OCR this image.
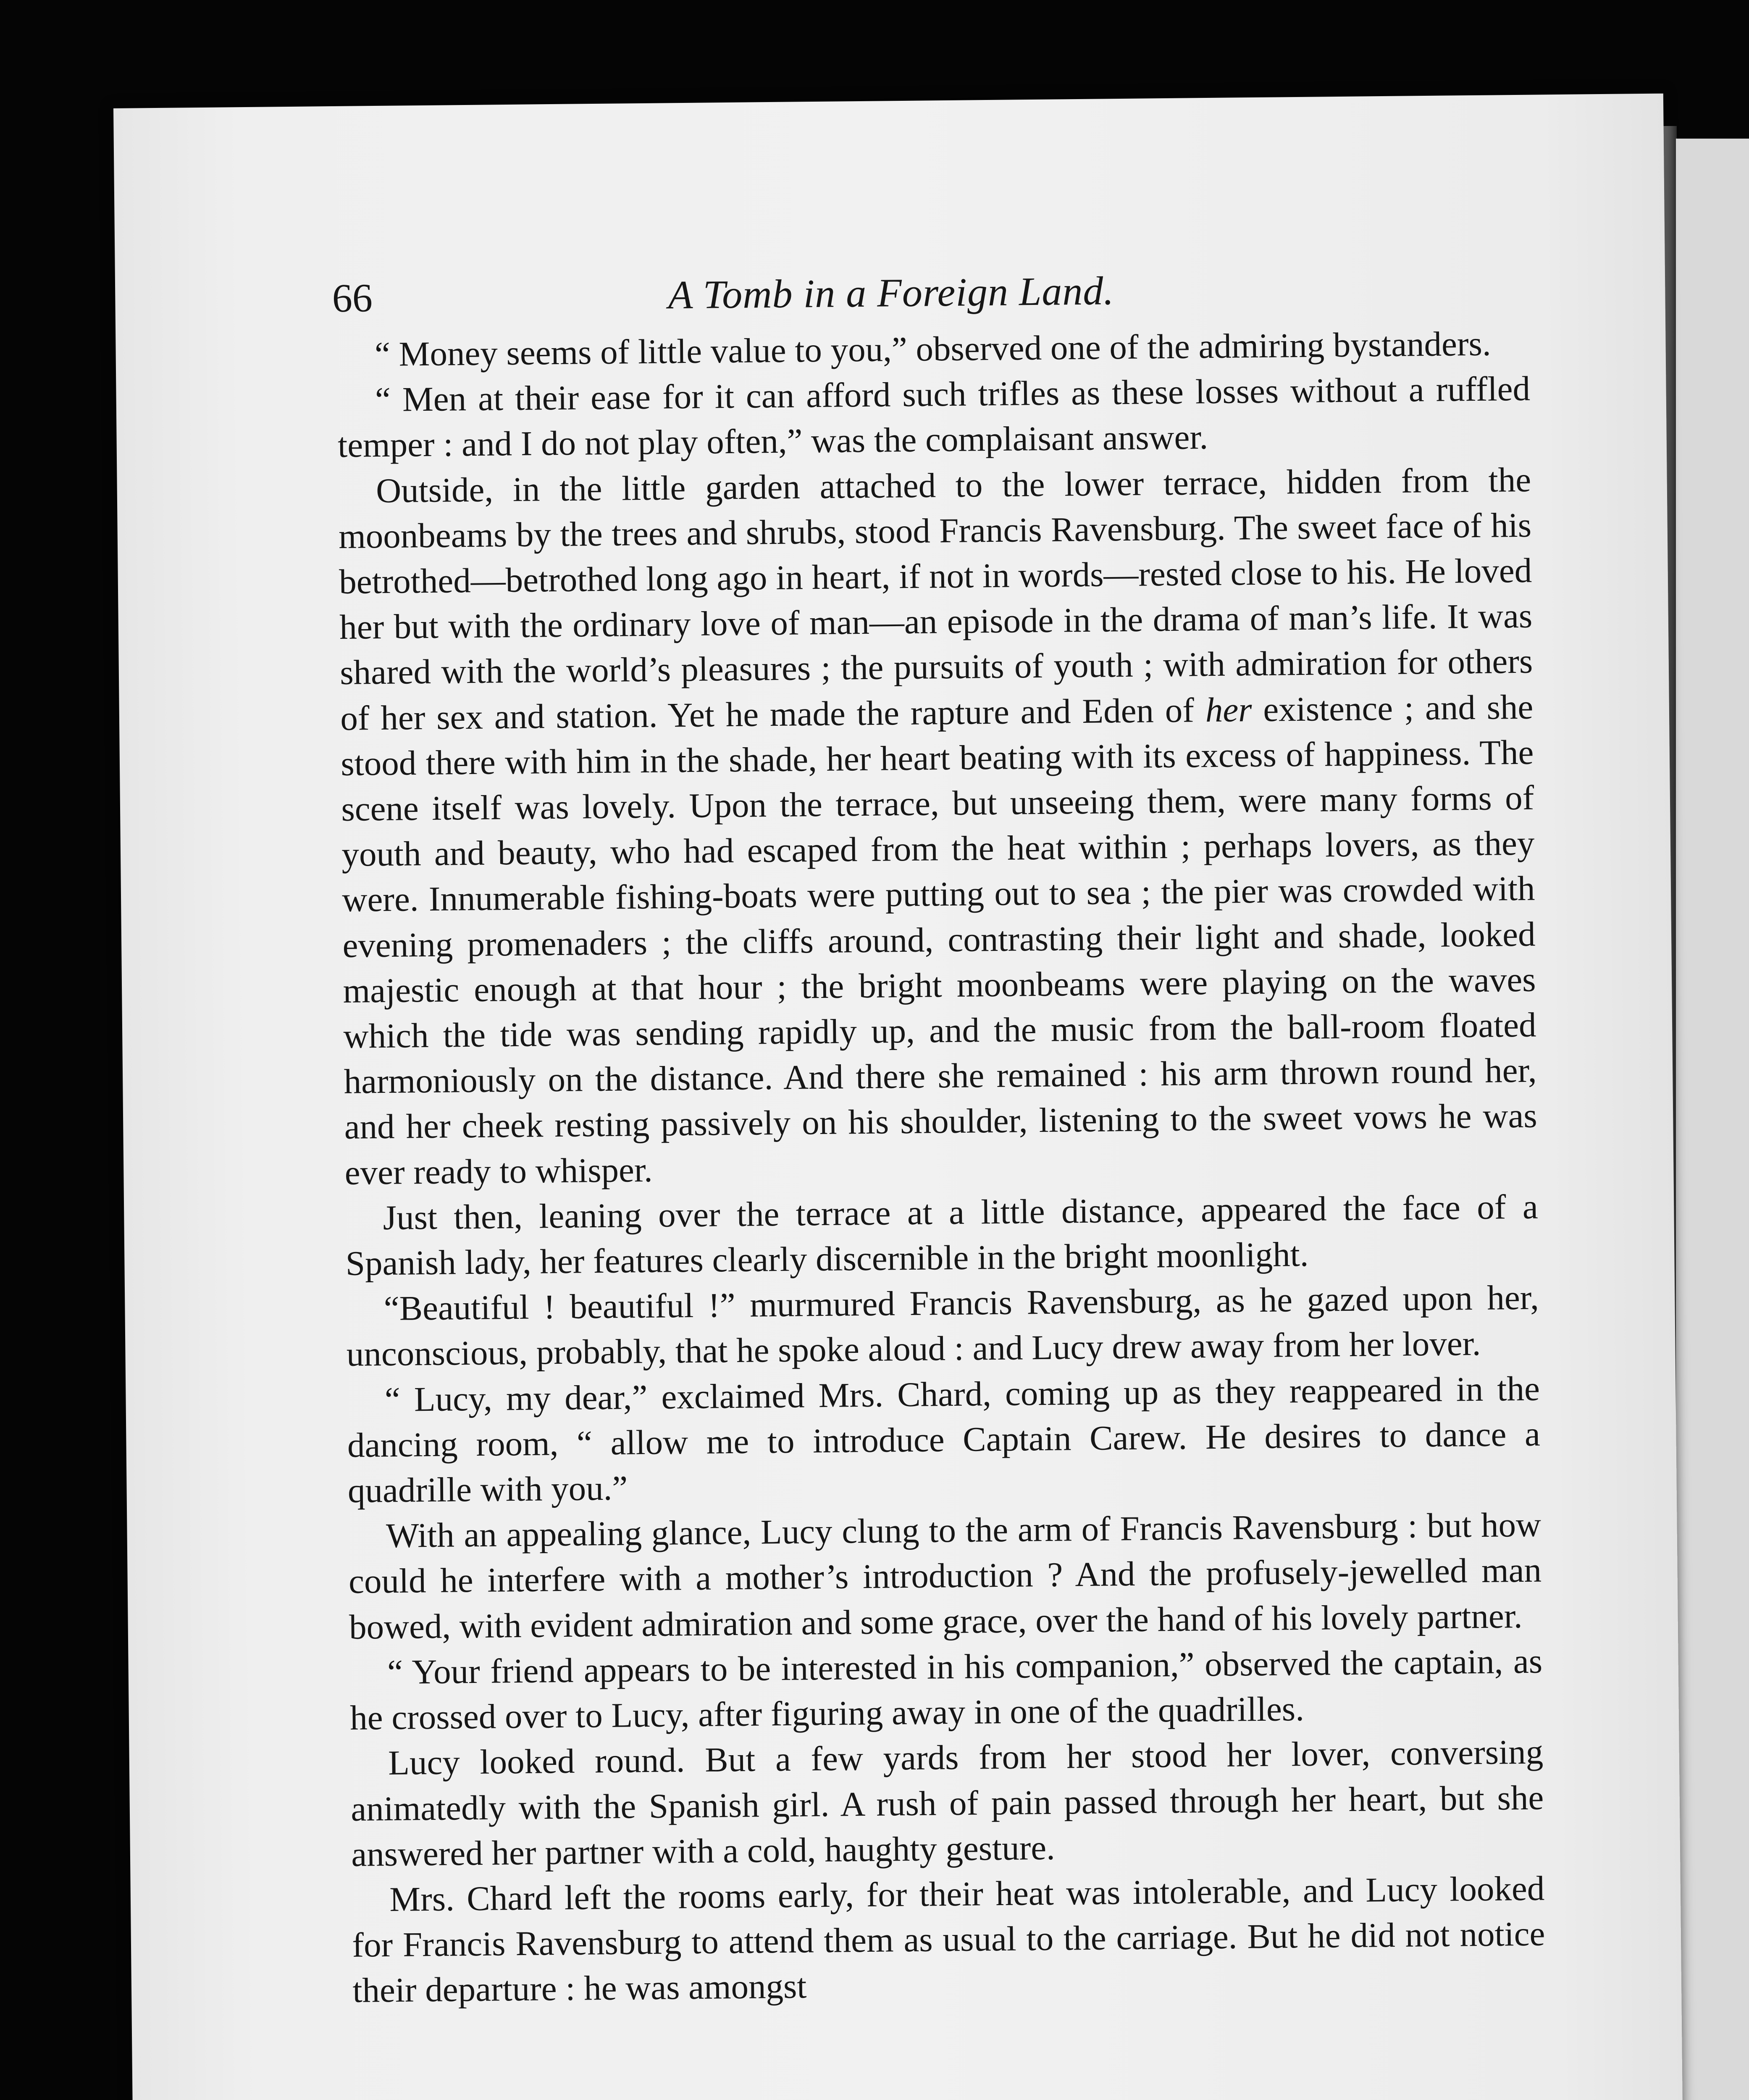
66	A Tomb in a Foreign Land.

“ Money seems of little value to you,” observed one of the admiring bystanders.

“ Men at their ease for it can afford such trifles as these losses without a ruffled temper : and I do not play often,” was the complaisant answer.

Outside, in the little garden attached to the lower terrace, hidden from the moonbeams by the trees and shrubs, stood Francis Ravensburg. The sweet face of his betrothed—betrothed long ago in heart, if not in words—rested close to his. He loved her but with the ordinary love of man—an episode in the drama of man’s life. It was shared with the world’s pleasures ; the pursuits of youth ; with admiration for others of her sex and station. Yet he made the rapture and Eden of her existence ; and she stood there with him in the shade, her heart beating with its excess of happiness. The scene itself was lovely. Upon the terrace, but unseeing them, were many forms of youth and beauty, who had escaped from the heat within ; perhaps lovers, as they were. Innumerable fishing-boats were putting out to sea ; the pier was crowded with evening promenaders ; the cliffs around, contrasting their light and shade, looked majestic enough at that hour ; the bright moonbeams were playing on the waves which the tide was sending rapidly up, and the music from the ball-room floated harmoniously on the distance. And there she remained : his arm thrown round her, and her cheek resting passively on his shoulder, listening to the sweet vows he was ever ready to whisper.

Just then, leaning over the terrace at a little distance, appeared the face of a Spanish lady, her features clearly discernible in the bright moonlight.

“Beautiful ! beautiful !” murmured Francis Ravensburg, as he gazed upon her, unconscious, probably, that he spoke aloud : and Lucy drew away from her lover.

“ Lucy, my dear,” exclaimed Mrs. Chard, coming up as they reappeared in the dancing room, “ allow me to introduce Captain Carew. He desires to dance a quadrille with you.”

With an appealing glance, Lucy clung to the arm of Francis Ravensburg : but how could he interfere with a mother’s introduction ? And the profusely-jewelled man bowed, with evident admiration and some grace, over the hand of his lovely partner.

“ Your friend appears to be interested in his companion,” observed the captain, as he crossed over to Lucy, after figuring away in one of the quadrilles.

Lucy looked round. But a few yards from her stood her lover, conversing animatedly with the Spanish girl. A rush of pain passed through her heart, but she answered her partner with a cold, haughty gesture.

Mrs. Chard left the rooms early, for their heat was intolerable, and Lucy looked for Francis Ravensburg to attend them as usual to the carriage. But he did not notice their departure : he was amongst
